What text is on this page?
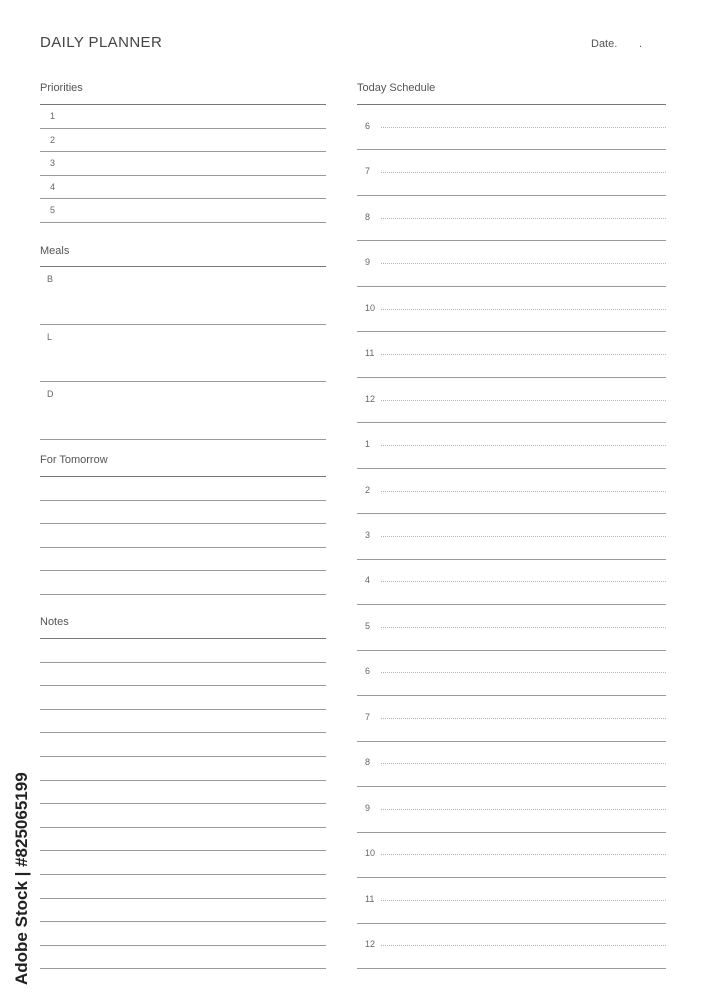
DAILY PLANNER	Date. .
Priorities
1
2
3
4
5
Meals
B
L
D
For Tomorrow
Notes
Today Schedule
6
7
8
9
10
11
12
1
2
3
4
5
6
7
8
9
10
11
12
Adobe Stock | #825065199
